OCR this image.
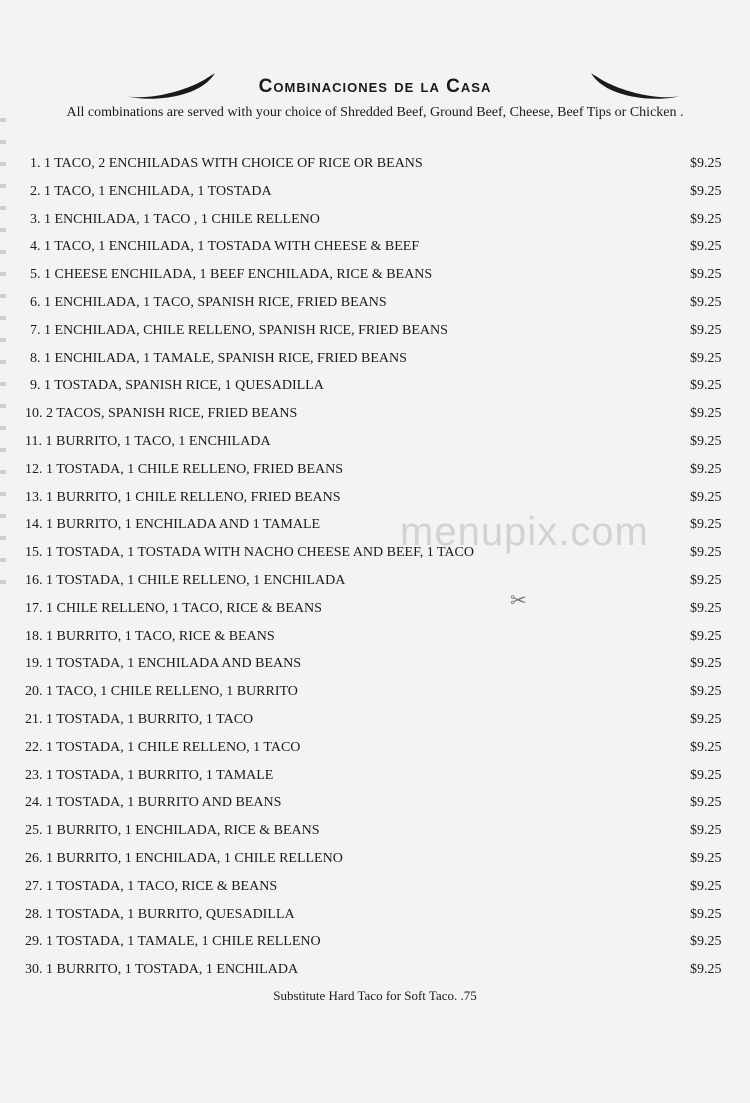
Combinaciones de la Casa
All combinations are served with your choice of Shredded Beef, Ground Beef, Cheese, Beef Tips or Chicken .
1. 1 TACO, 2 ENCHILADAS WITH CHOICE OF RICE OR BEANS	$9.25
2. 1 TACO, 1 ENCHILADA, 1 TOSTADA	$9.25
3. 1 ENCHILADA, 1 TACO , 1 CHILE RELLENO	$9.25
4. 1 TACO, 1 ENCHILADA, 1 TOSTADA WITH CHEESE & BEEF	$9.25
5. 1 CHEESE ENCHILADA, 1 BEEF ENCHILADA, RICE & BEANS	$9.25
6. 1 ENCHILADA, 1 TACO, SPANISH RICE, FRIED BEANS	$9.25
7. 1 ENCHILADA, CHILE RELLENO, SPANISH RICE, FRIED BEANS	$9.25
8. 1 ENCHILADA, 1 TAMALE, SPANISH RICE, FRIED BEANS	$9.25
9. 1 TOSTADA, SPANISH RICE, 1 QUESADILLA	$9.25
10. 2 TACOS, SPANISH RICE, FRIED BEANS	$9.25
11. 1 BURRITO, 1 TACO, 1 ENCHILADA	$9.25
12. 1 TOSTADA, 1 CHILE RELLENO, FRIED BEANS	$9.25
13. 1 BURRITO, 1 CHILE RELLENO, FRIED BEANS	$9.25
14. 1 BURRITO, 1 ENCHILADA AND 1 TAMALE	$9.25
15. 1 TOSTADA, 1 TOSTADA WITH NACHO CHEESE AND BEEF, 1 TACO	$9.25
16. 1 TOSTADA, 1 CHILE RELLENO, 1 ENCHILADA	$9.25
17. 1 CHILE RELLENO, 1 TACO, RICE & BEANS	$9.25
18. 1 BURRITO, 1 TACO, RICE & BEANS	$9.25
19. 1 TOSTADA, 1 ENCHILADA AND BEANS	$9.25
20. 1 TACO, 1 CHILE RELLENO, 1 BURRITO	$9.25
21. 1 TOSTADA, 1 BURRITO, 1 TACO	$9.25
22. 1 TOSTADA, 1 CHILE RELLENO, 1 TACO	$9.25
23. 1 TOSTADA, 1 BURRITO, 1 TAMALE	$9.25
24. 1 TOSTADA, 1 BURRITO AND BEANS	$9.25
25. 1 BURRITO, 1 ENCHILADA, RICE & BEANS	$9.25
26. 1 BURRITO, 1 ENCHILADA, 1 CHILE RELLENO	$9.25
27. 1 TOSTADA, 1 TACO, RICE & BEANS	$9.25
28. 1 TOSTADA, 1 BURRITO, QUESADILLA	$9.25
29. 1 TOSTADA, 1 TAMALE, 1 CHILE RELLENO	$9.25
30. 1 BURRITO, 1 TOSTADA, 1 ENCHILADA	$9.25
menupix.com
✂
Substitute Hard Taco for Soft Taco. .75
